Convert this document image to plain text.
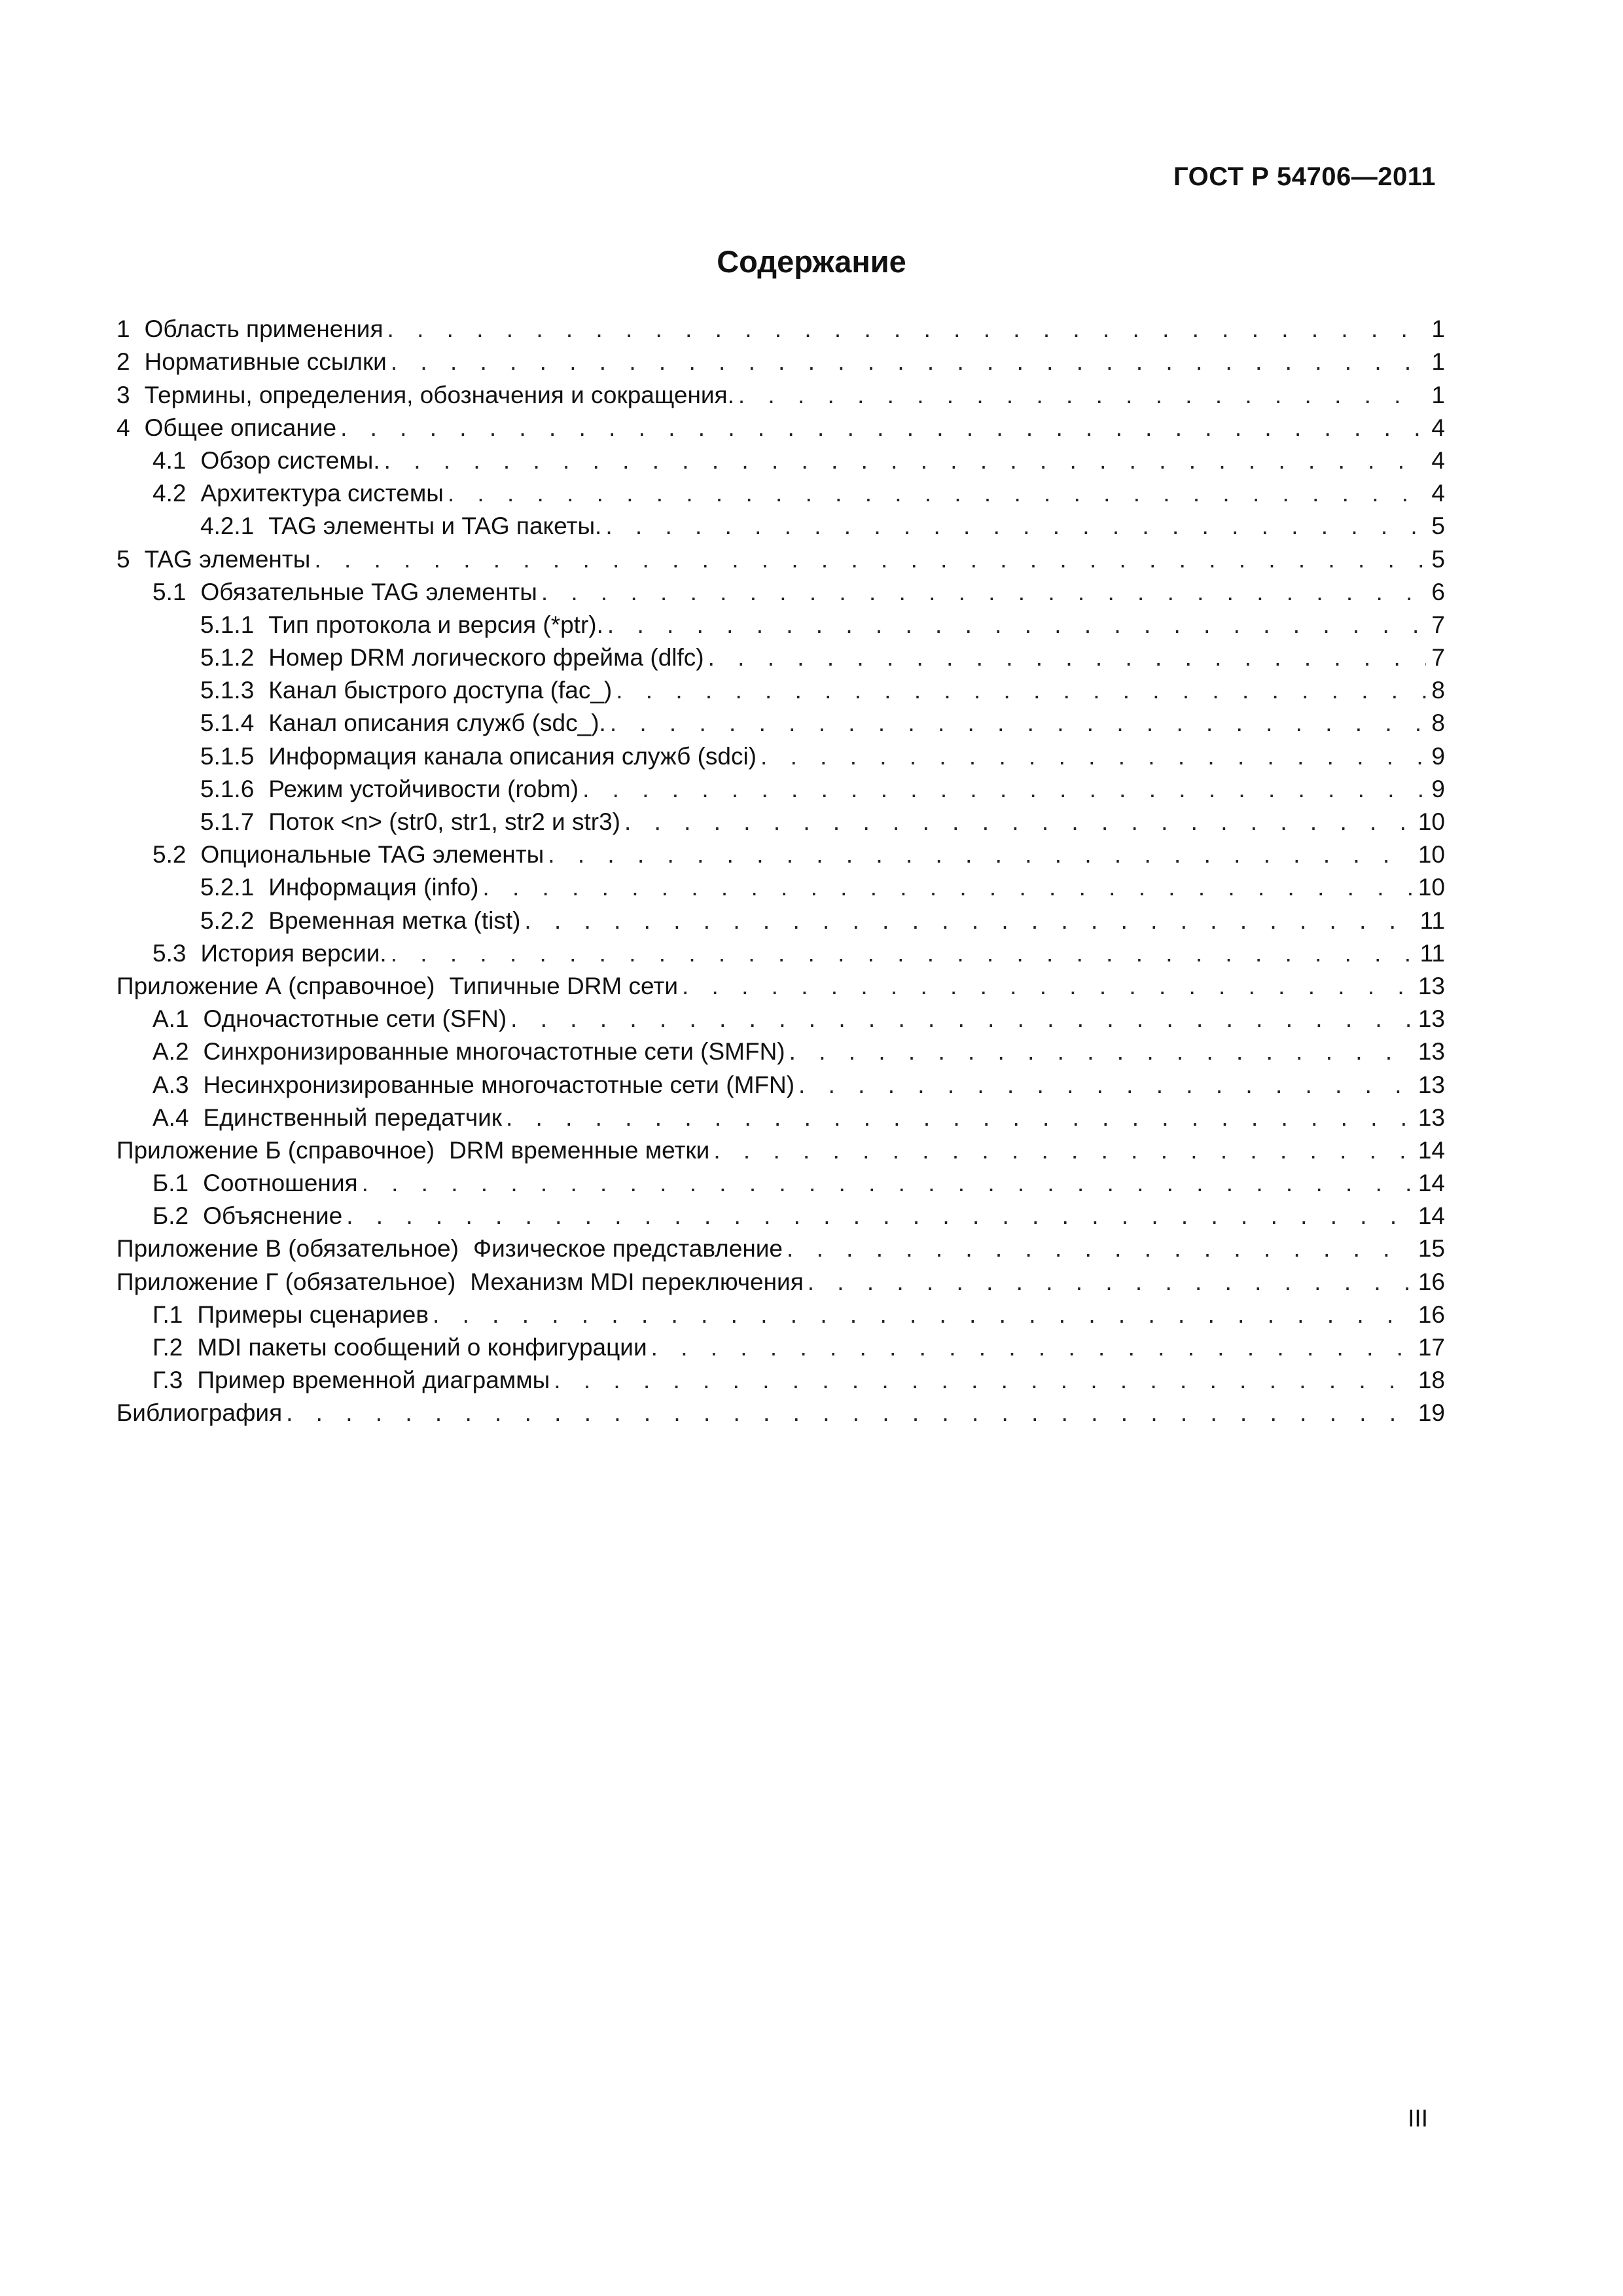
ГОСТ Р 54706—2011
Содержание
1 Область применения . . .	1
2 Нормативные ссылки . . .	1
3 Термины, определения, обозначения и сокращения. . . .	1
4 Общее описание . . .	4
4.1 Обзор системы. . . .	4
4.2 Архитектура системы . . .	4
4.2.1 TAG элементы и TAG пакеты. . . .	5
5 TAG элементы . . .	5
5.1 Обязательные TAG элементы . . .	6
5.1.1 Тип протокола и версия (*ptr). . . .	7
5.1.2 Номер DRM логического фрейма (dlfc) . . .	7
5.1.3 Канал быстрого доступа (fac_) . . .	8
5.1.4 Канал описания служб (sdc_). . . .	8
5.1.5 Информация канала описания служб (sdci) . . .	9
5.1.6 Режим устойчивости (robm) . . .	9
5.1.7 Поток <n> (str0, str1, str2 и str3) . . .	10
5.2 Опциональные TAG элементы . . .	10
5.2.1 Информация (info) . . .	10
5.2.2 Временная метка (tist) . . .	11
5.3 История версии. . . .	11
Приложение А (справочное) Типичные DRM сети . . .	13
А.1 Одночастотные сети (SFN) . . .	13
А.2 Синхронизированные многочастотные сети (SMFN) . . .	13
А.3 Несинхронизированные многочастотные сети (MFN) . . .	13
А.4 Единственный передатчик . . .	13
Приложение Б (справочное) DRM временные метки . . .	14
Б.1 Соотношения . . .	14
Б.2 Объяснение . . .	14
Приложение В (обязательное) Физическое представление . . .	15
Приложение Г (обязательное) Механизм MDI переключения . . .	16
Г.1 Примеры сценариев . . .	16
Г.2 MDI пакеты сообщений о конфигурации . . .	17
Г.3 Пример временной диаграммы . . .	18
Библиография . . .	19
III
